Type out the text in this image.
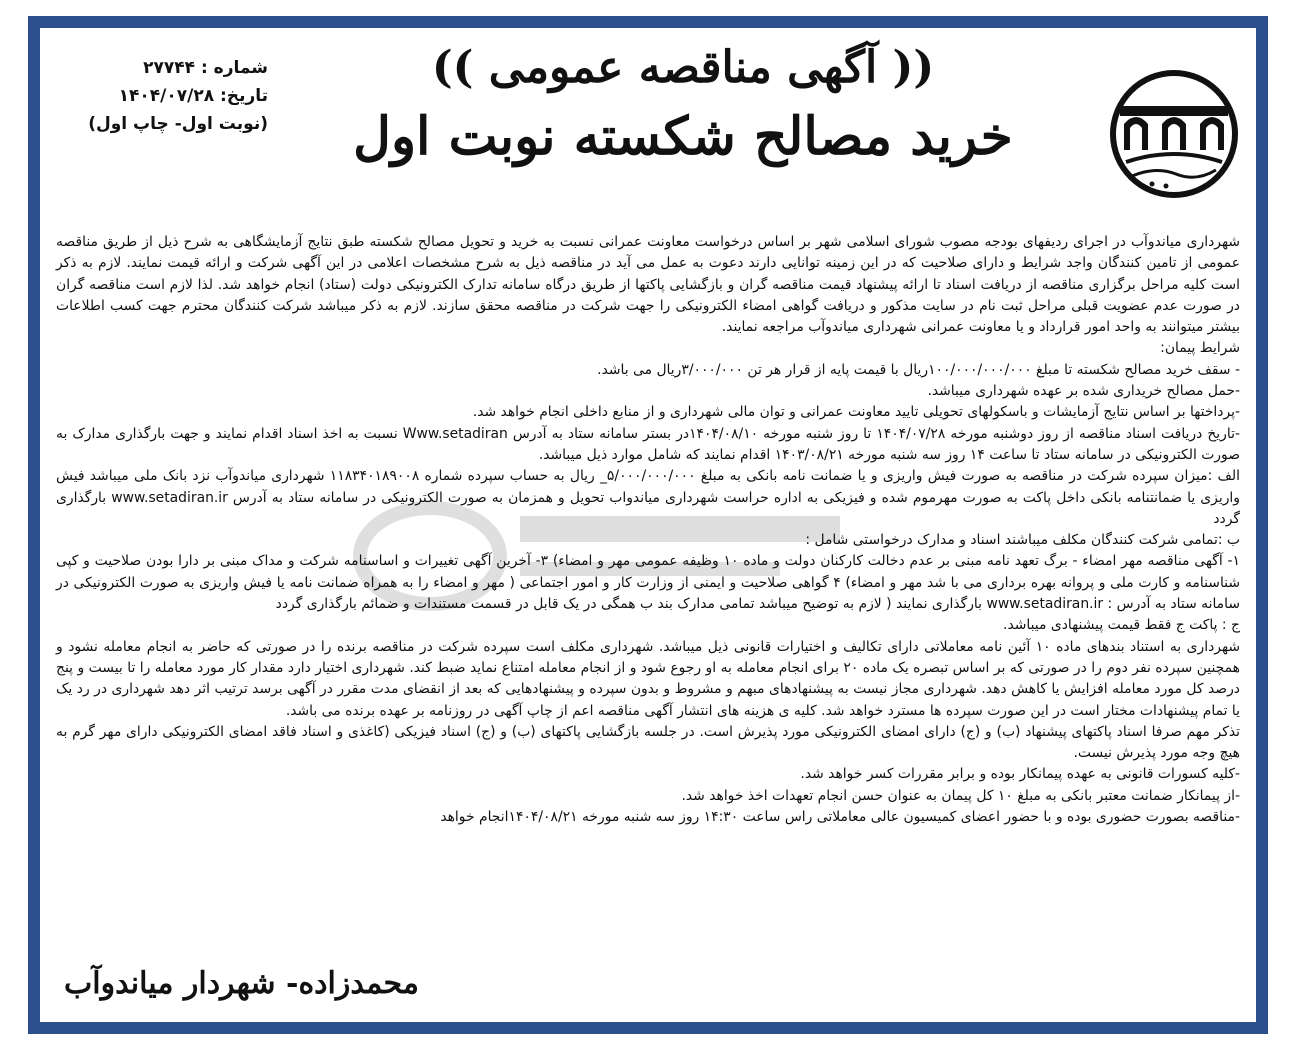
(( آگهی مناقصه عمومی ))
خرید مصالح شکسته نوبت اول
شماره : ۲۷۷۴۴
تاریخ: ۱۴۰۴/۰۷/۲۸
(نوبت اول- چاپ اول)

شهرداری میاندوآب در اجرای ردیفهای بودجه مصوب شورای اسلامی شهر بر اساس درخواست معاونت عمرانی نسبت به خرید و تحویل مصالح شکسته طبق نتایج آزمایشگاهی به شرح ذیل از طریق مناقصه عمومی از تامین کنندگان واجد شرایط و دارای صلاحیت که در این زمینه توانایی دارند دعوت به عمل می آید در مناقصه ذیل به شرح مشخصات اعلامی در این آگهی شرکت و ارائه قیمت نمایند. لازم به ذکر است کلیه مراحل برگزاری مناقصه از دریافت اسناد تا ارائه پیشنهاد قیمت مناقصه گران و بازگشایی پاکتها از طریق درگاه سامانه تدارک الکترونیکی دولت (ستاد) انجام خواهد شد. لذا لازم است مناقصه گران در صورت عدم عضویت قبلی مراحل ثبت نام در سایت مذکور و دریافت گواهی امضاء الکترونیکی را جهت شرکت در مناقصه محقق سازند. لازم به ذکر میباشد شرکت کنندگان محترم جهت کسب اطلاعات بیشتر میتوانند به واحد امور قرارداد و یا معاونت عمرانی شهرداری میاندوآب مراجعه نمایند.

شرایط پیمان:

- سقف خرید مصالح شکسته تا مبلغ ۱۰۰/۰۰۰/۰۰۰/۰۰۰ریال با قیمت پایه از قرار هر تن ۳/۰۰۰/۰۰۰ریال می باشد.

-حمل مصالح خریداری شده بر عهده شهرداری میباشد.

-پرداختها بر اساس نتایج آزمایشات و باسکولهای تحویلی تایید معاونت عمرانی و توان مالی شهرداری و از منابع داخلی انجام خواهد شد.

-تاریخ دریافت اسناد مناقصه از روز دوشنبه مورخه ۱۴۰۴/۰۷/۲۸ تا روز شنبه مورخه ۱۴۰۴/۰۸/۱۰در بستر سامانه ستاد به آدرس Www.setadiran نسبت به اخذ اسناد اقدام نمایند و جهت بارگذاری مدارک به صورت الکترونیکی در سامانه ستاد تا ساعت ۱۴ روز سه شنبه مورخه ۱۴۰۳/۰۸/۲۱ اقدام نمایند که شامل موارد ذیل میباشد.

الف :میزان سپرده شرکت در مناقصه به صورت فیش واریزی و یا ضمانت نامه بانکی به مبلغ ۵/۰۰۰/۰۰۰/۰۰۰_ ریال به حساب سپرده شماره ۱۱۸۳۴۰۱۸۹۰۰۸ شهرداری میاندوآب نزد بانک ملی میباشد فیش واریزی یا ضمانتنامه بانکی داخل پاکت به صورت مهرموم شده و فیزیکی به اداره حراست شهرداری میاندواب تحویل و همزمان به صورت الکترونیکی در سامانه ستاد به آدرس www.setadiran.ir بارگذاری گردد

ب :تمامی شرکت کنندگان مکلف میباشند اسناد و مدارک درخواستی شامل :

۱- آگهی مناقصه مهر امضاء - برگ تعهد نامه مبنی بر عدم دخالت کارکنان دولت و ماده ۱۰ وظیفه عمومی مهر و امضاء) ۳- آخرین آگهی تغییرات و اساسنامه شرکت و مداک مبنی بر دارا بودن صلاحیت و کپی شناسنامه و کارت ملی و پروانه بهره برداری می با شد مهر و امضاء) ۴ گواهی صلاحیت و ایمنی از وزارت کار و امور اجتماعی ( مهر و امضاء را به همراه ضمانت نامه یا فیش واریزی به صورت الکترونیکی در سامانه ستاد به آدرس : www.setadiran.ir بارگذاری نمایند ( لازم به توضیح میباشد تمامی مدارک بند ب همگی در یک قابل در قسمت مستندات و ضمائم بارگذاری گردد

ج : پاکت ج فقط قیمت پیشنهادی میباشد.

شهرداری به استناد بندهای ماده ۱۰ آئین نامه معاملاتی دارای تکالیف و اختیارات قانونی ذیل میباشد. شهرداری مکلف است سپرده شرکت در مناقصه برنده را در صورتی که حاضر به انجام معامله نشود و همچنین سپرده نفر دوم را در صورتی که بر اساس تبصره یک ماده ۲۰ برای انجام معامله به او رجوع شود و از انجام معامله امتناع نماید ضبط کند. شهرداری اختیار دارد مقدار کار مورد معامله را تا بیست و پنج درصد کل مورد معامله افزایش یا کاهش دهد. شهرداری مجاز نیست به پیشنهادهای مبهم و مشروط و بدون سپرده و پیشنهادهایی که بعد از انقضای مدت مقرر در آگهی برسد ترتیب اثر دهد شهرداری در رد یک یا تمام پیشنهادات مختار است در این صورت سپرده ها مسترد خواهد شد. کلیه ی هزینه های انتشار آگهی مناقصه اعم از چاپ آگهی در روزنامه بر عهده برنده می باشد.

تذکر مهم صرفا اسناد پاکتهای پیشنهاد (ب) و (ج) دارای امضای الکترونیکی مورد پذیرش است. در جلسه بازگشایی پاکتهای (ب) و (ج) اسناد فیزیکی (کاغذی و اسناد فاقد امضای الکترونیکی دارای مهر گرم به هیچ وجه مورد پذیرش نیست.

-کلیه کسورات قانونی به عهده پیمانکار بوده و برابر مقررات کسر خواهد شد.

-از پیمانکار ضمانت معتبر بانکی به مبلغ ۱۰ کل پیمان به عنوان حسن انجام تعهدات اخذ خواهد شد.

-مناقصه بصورت حضوری بوده و با حضور اعضای کمیسیون عالی معاملاتی راس ساعت ۱۴:۳۰ روز سه شنبه مورخه ۱۴۰۴/۰۸/۲۱انجام خواهد

محمدزاده- شهردار میاندوآب
